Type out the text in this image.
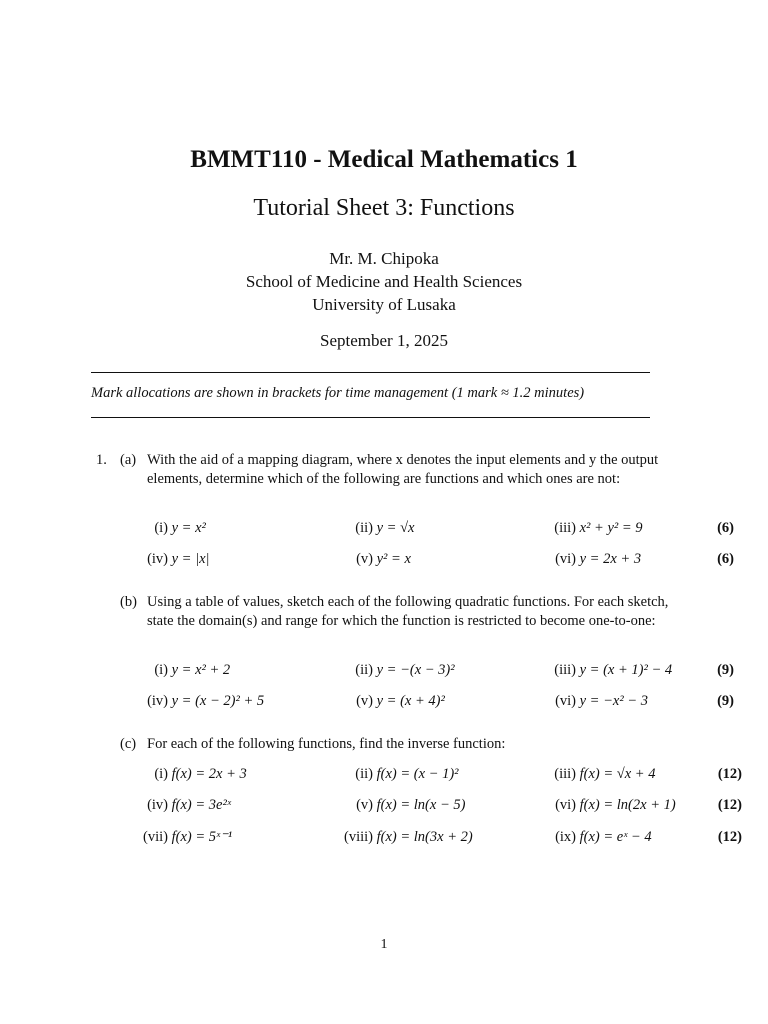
BMMT110 - Medical Mathematics 1
Tutorial Sheet 3: Functions
Mr. M. Chipoka
School of Medicine and Health Sciences
University of Lusaka
September 1, 2025
Mark allocations are shown in brackets for time management (1 mark ≈ 1.2 minutes)
1. (a) With the aid of a mapping diagram, where x denotes the input elements and y the output elements, determine which of the following are functions and which ones are not:
(i) y = x²	(ii) y = √x	(iii) x² + y² = 9	(6)
(iv) y = |x|	(v) y² = x	(vi) y = 2x + 3	(6)
(b) Using a table of values, sketch each of the following quadratic functions. For each sketch, state the domain(s) and range for which the function is restricted to become one-to-one:
(i) y = x² + 2	(ii) y = −(x − 3)²	(iii) y = (x + 1)² − 4	(9)
(iv) y = (x − 2)² + 5	(v) y = (x + 4)²	(vi) y = −x² − 3	(9)
(c) For each of the following functions, find the inverse function:
(i) f(x) = 2x + 3	(ii) f(x) = (x − 1)²	(iii) f(x) = √x + 4	(12)
(iv) f(x) = 3e²ˣ	(v) f(x) = ln(x − 5)	(vi) f(x) = ln(2x + 1)	(12)
(vii) f(x) = 5ˣ⁻¹	(viii) f(x) = ln(3x + 2)	(ix) f(x) = eˣ − 4	(12)
1
